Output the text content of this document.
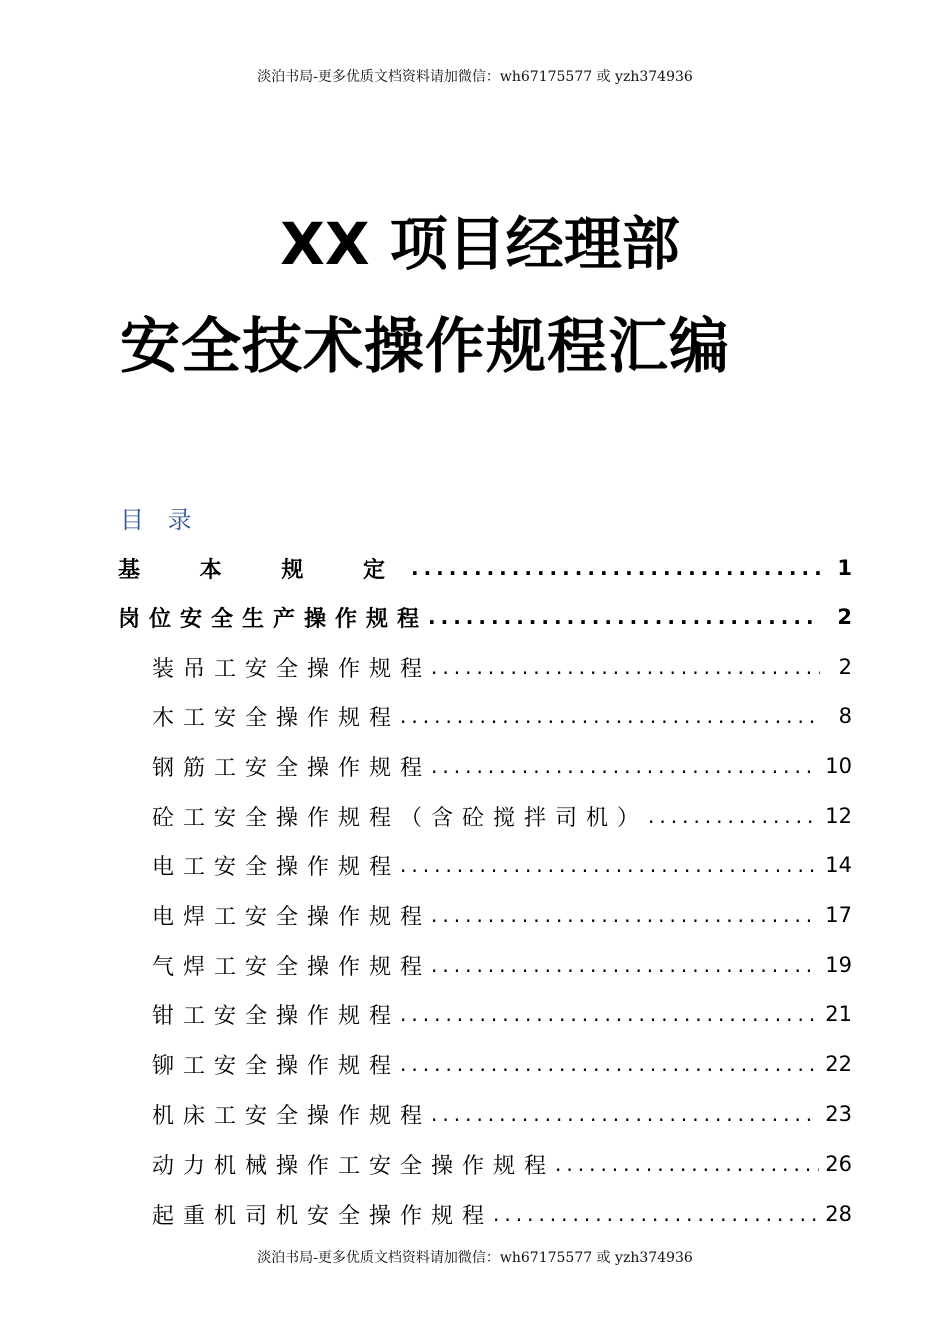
淡泊书局-更多优质文档资料请加微信：wh67175577 或 yzh374936
XX 项目经理部
安全技术操作规程汇编
目 录
基 本 规 定 .....	1
岗位安全生产操作规程 .....	2
装吊工安全操作规程 .....	2
木工安全操作规程 .....	8
钢筋工安全操作规程 .....	10
砼工安全操作规程（含砼搅拌司机） .....	12
电工安全操作规程 .....	14
电焊工安全操作规程 .....	17
气焊工安全操作规程 .....	19
钳工安全操作规程 .....	21
铆工安全操作规程 .....	22
机床工安全操作规程 .....	23
动力机械操作工安全操作规程 .....	26
起重机司机安全操作规程 .....	28
淡泊书局-更多优质文档资料请加微信：wh67175577 或 yzh374936
